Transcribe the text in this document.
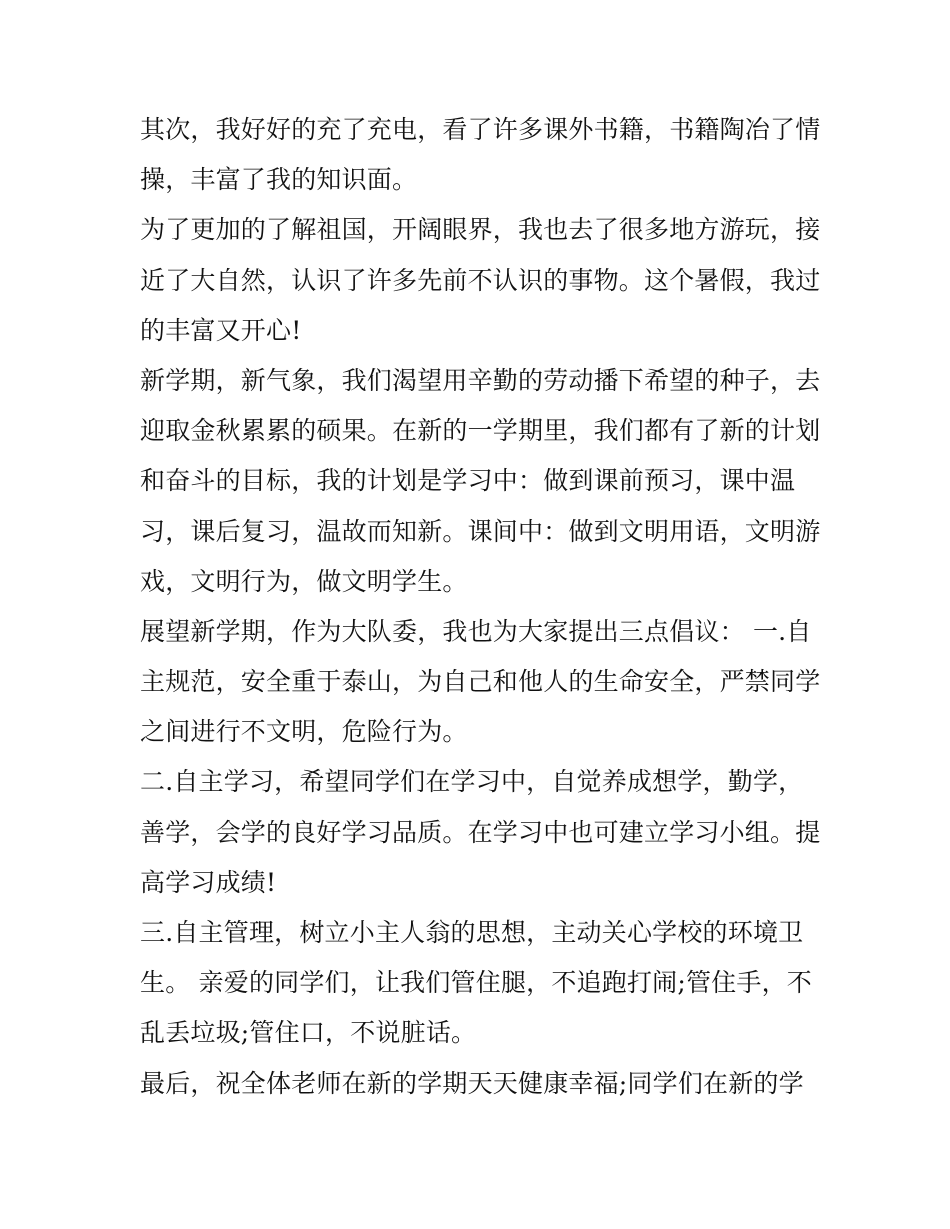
其次，我好好的充了充电，看了许多课外书籍，书籍陶冶了情
操，丰富了我的知识面。
为了更加的了解祖国，开阔眼界，我也去了很多地方游玩，接
近了大自然，认识了许多先前不认识的事物。这个暑假，我过
的丰富又开心!
新学期，新气象，我们渴望用辛勤的劳动播下希望的种子，去
迎取金秋累累的硕果。在新的一学期里，我们都有了新的计划
和奋斗的目标，我的计划是学习中：做到课前预习，课中温
习，课后复习，温故而知新。课间中：做到文明用语，文明游
戏，文明行为，做文明学生。
展望新学期，作为大队委，我也为大家提出三点倡议： 一.自
主规范，安全重于泰山，为自己和他人的生命安全，严禁同学
之间进行不文明，危险行为。
二.自主学习，希望同学们在学习中，自觉养成想学，勤学，
善学，会学的良好学习品质。在学习中也可建立学习小组。提
高学习成绩!
三.自主管理，树立小主人翁的思想，主动关心学校的环境卫
生。 亲爱的同学们，让我们管住腿，不追跑打闹;管住手，不
乱丢垃圾;管住口，不说脏话。
最后，祝全体老师在新的学期天天健康幸福;同学们在新的学
